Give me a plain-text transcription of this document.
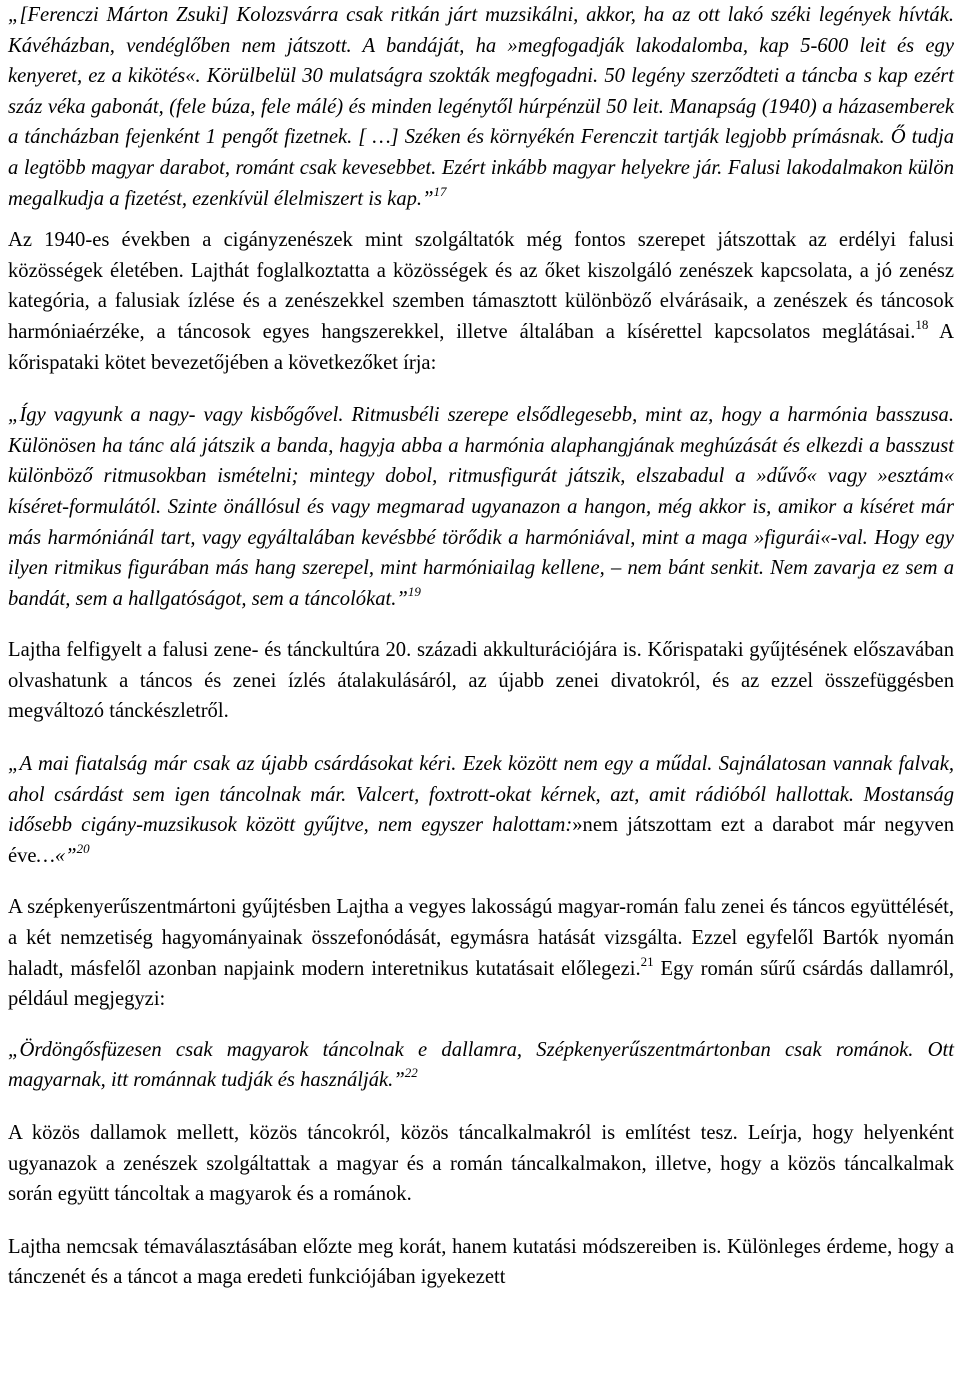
„[Ferenczi Márton Zsuki] Kolozsvárra csak ritkán járt muzsikálni, akkor, ha az ott lakó széki legények hívták. Kávéházban, vendéglőben nem játszott. A bandáját, ha »megfogadják lakodalomba, kap 5-600 leit és egy kenyeret, ez a kikötés«. Körülbelül 30 mulatságra szokták megfogadni. 50 legény szerződteti a táncba s kap ezért száz véka gabonát, (fele búza, fele málé) és minden legénytől húrpénzül 50 leit. Manapság (1940) a házasemberek a táncházban fejenként 1 pengőt fizetnek. [ …] Széken és környékén Ferenczit tartják legjobb prímásnak. Ő tudja a legtöbb magyar darabot, románt csak kevesebbet. Ezért inkább magyar helyekre jár. Falusi lakodalmakon külön megalkudja a fizetést, ezenkívül élelmiszert is kap.”$^{17}$

Az 1940-es években a cigányzenészek mint szolgáltatók még fontos szerepet játszottak az erdélyi falusi közösségek életében. Lajthát foglalkoztatta a közösségek és az őket kiszolgáló zenészek kapcsolata, a jó zenész kategória, a falusiak ízlése és a zenészekkel szemben támasztott különböző elvárásaik, a zenészek és táncosok harmóniaérzéke, a táncosok egyes hangszerekkel, illetve általában a kísérettel kapcsolatos meglátásai.$^{18}$ A kőrispataki kötet bevezetőjében a következőket írja:

„Így vagyunk a nagy- vagy kisbőgővel. Ritmusbéli szerepe elsődlegesebb, mint az, hogy a harmónia basszusa. Különösen ha tánc alá játszik a banda, hagyja abba a harmónia alaphangjának meghúzását és elkezdi a basszust különböző ritmusokban ismételni; mintegy dobol, ritmusfigurát játszik, elszabadul a »dűvő« vagy »esztám« kíséret-formulától. Szinte önállósul és vagy megmarad ugyanazon a hangon, még akkor is, amikor a kíséret már más harmóniánál tart, vagy egyáltalában kevésbbé törődik a harmóniával, mint a maga »figurái«-val. Hogy egy ilyen ritmikus figurában más hang szerepel, mint harmóniailag kellene, – nem bánt senkit. Nem zavarja ez sem a bandát, sem a hallgatóságot, sem a táncolókat.”$^{19}$

Lajtha felfigyelt a falusi zene- és tánckultúra 20. századi akkulturációjára is. Kőrispataki gyűjtésének előszavában olvashatunk a táncos és zenei ízlés átalakulásáról, az újabb zenei divatokról, és az ezzel összefüggésben megváltozó tánckészletről.

„A mai fiatalság már csak az újabb csárdásokat kéri. Ezek között nem egy a műdal. Sajnálatosan vannak falvak, ahol csárdást sem igen táncolnak már. Valcert, foxtrott-okat kérnek, azt, amit rádióból hallottak. Mostanság idősebb cigány-muzsikusok között gyűjtve, nem egyszer halottam:»nem játszottam ezt a darabot már negyven éve…«”$^{20}$

A szépkenyerűszentmártoni gyűjtésben Lajtha a vegyes lakosságú magyar-román falu zenei és táncos együttélését, a két nemzetiség hagyományainak összefonódását, egymásra hatását vizsgálta. Ezzel egyfelől Bartók nyomán haladt, másfelől azonban napjaink modern interetnikus kutatásait előlegezi.$^{21}$ Egy román sűrű csárdás dallamról, például megjegyzi:

„Ördöngősfüzesen csak magyarok táncolnak e dallamra, Szépkenyerűszentmártonban csak románok. Ott magyarnak, itt románnak tudják és használják.”$^{22}$

A közös dallamok mellett, közös táncokról, közös táncalkalmakról is említést tesz. Leírja, hogy helyenként ugyanazok a zenészek szolgáltattak a magyar és a román táncalkalmakon, illetve, hogy a közös táncalkalmak során együtt táncoltak a magyarok és a románok.

Lajtha nemcsak témaválasztásában előzte meg korát, hanem kutatási módszereiben is. Különleges érdeme, hogy a tánczenét és a táncot a maga eredeti funkciójában igyekezett
